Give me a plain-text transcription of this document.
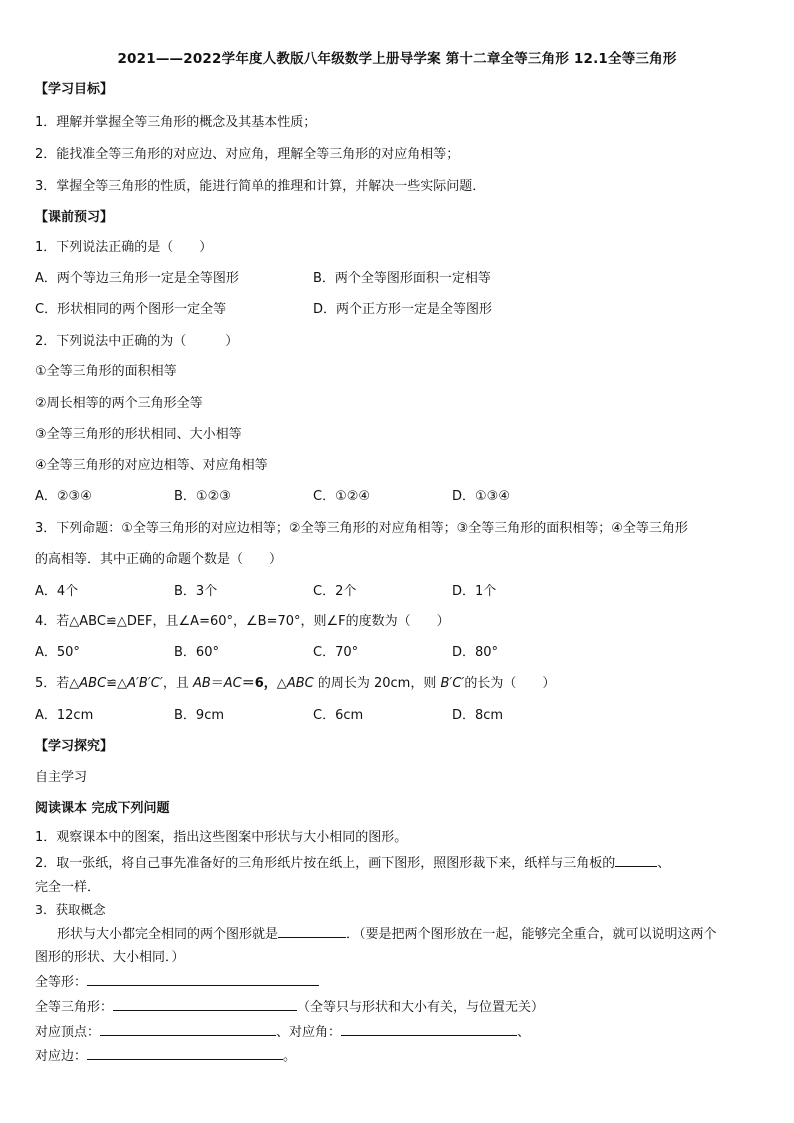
2021——2022学年度人教版八年级数学上册导学案 第十二章全等三角形 12.1全等三角形
【学习目标】
1．理解并掌握全等三角形的概念及其基本性质；
2．能找准全等三角形的对应边、对应角，理解全等三角形的对应角相等；
3．掌握全等三角形的性质，能进行简单的推理和计算，并解决一些实际问题．
【课前预习】
1．下列说法正确的是（　　）
A．两个等边三角形一定是全等图形	B．两个全等图形面积一定相等
C．形状相同的两个图形一定全等	D．两个正方形一定是全等图形
2．下列说法中正确的为（　　　）
①全等三角形的面积相等
②周长相等的两个三角形全等
③全等三角形的形状相同、大小相等
④全等三角形的对应边相等、对应角相等
A．②③④	B．①②③	C．①②④	D．①③④
3．下列命题：①全等三角形的对应边相等；②全等三角形的对应角相等；③全等三角形的面积相等；④全等三角形
的高相等．其中正确的命题个数是（　　）
A．4个	B．3个	C．2个	D．1个
4．若△ABC≌△DEF，且∠A=60°，∠B=70°，则∠F的度数为（　　）
A．50°	B．60°	C．70°	D．80°
5．若△ABC≌△A′B′C′，且 AB＝AC＝6，△ABC 的周长为 20cm，则 B′C′的长为（　　）
A．12cm	B．9cm	C．6cm	D．8cm
【学习探究】
自主学习
阅读课本 完成下列问题
1．观察课本中的图案，指出这些图案中形状与大小相同的图形。
2．取一张纸，将自己事先准备好的三角形纸片按在纸上，画下图形，照图形裁下来，纸样与三角板的	、
完全一样．
3．获取概念
形状与大小都完全相同的两个图形就是	．（要是把两个图形放在一起，能够完全重合，就可以说明这两个
图形的形状、大小相同．）
全等形：
全等三角形：	（全等只与形状和大小有关，与位置无关）
对应顶点：	、对应角：	、
对应边：	。
